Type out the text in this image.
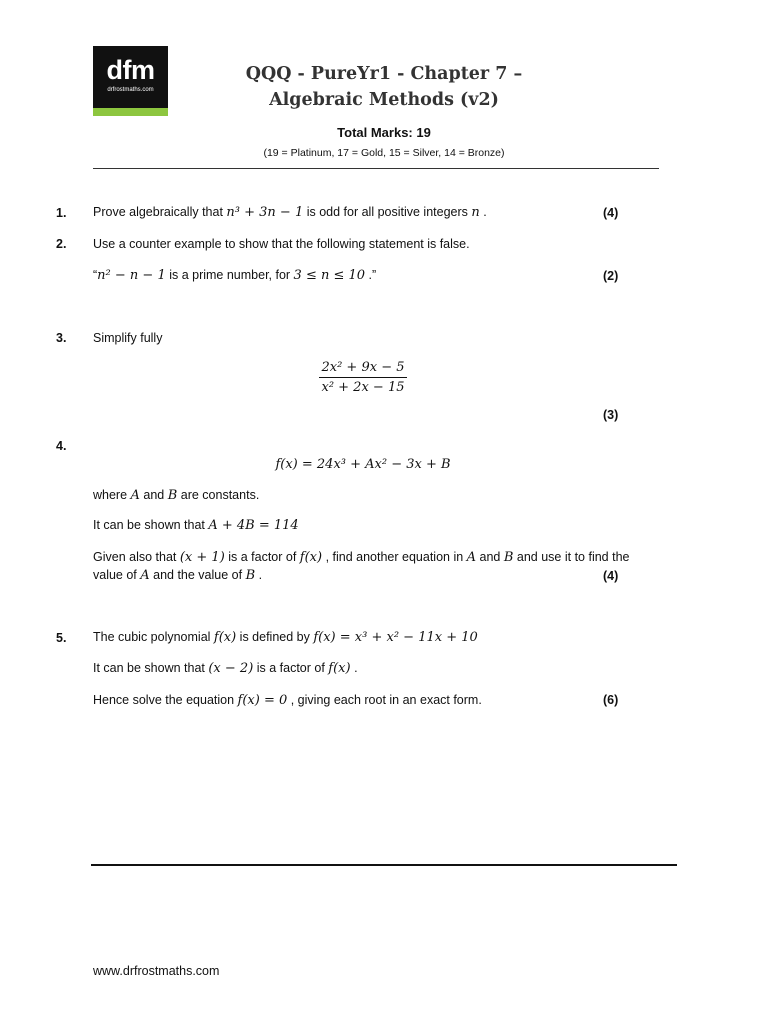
dfm
drfrostmaths.com
QQQ - PureYr1 - Chapter 7 –
Algebraic Methods (v2)
Total Marks: 19
(19 = Platinum, 17 = Gold, 15 = Silver, 14 = Bronze)
1. Prove algebraically that n³ + 3n − 1 is odd for all positive integers n .	(4)
2. Use a counter example to show that the following statement is false.
“n² − n − 1 is a prime number, for 3 ≤ n ≤ 10 .”	(2)
3. Simplify fully
$\frac{\text{2x² + 9x − 5}}{\text{x² + 2x − 15}}$
(3)
4.
f(x) = 24x³ + Ax² − 3x + B
where A and B are constants.
It can be shown that A + 4B = 114
Given also that (x + 1) is a factor of f(x) , find another equation in A and B and use it to find the
value of A and the value of B .	(4)
5. The cubic polynomial f(x) is defined by f(x) = x³ + x² − 11x + 10
It can be shown that (x − 2) is a factor of f(x) .
Hence solve the equation f(x) = 0 , giving each root in an exact form.	(6)
www.drfrostmaths.com
